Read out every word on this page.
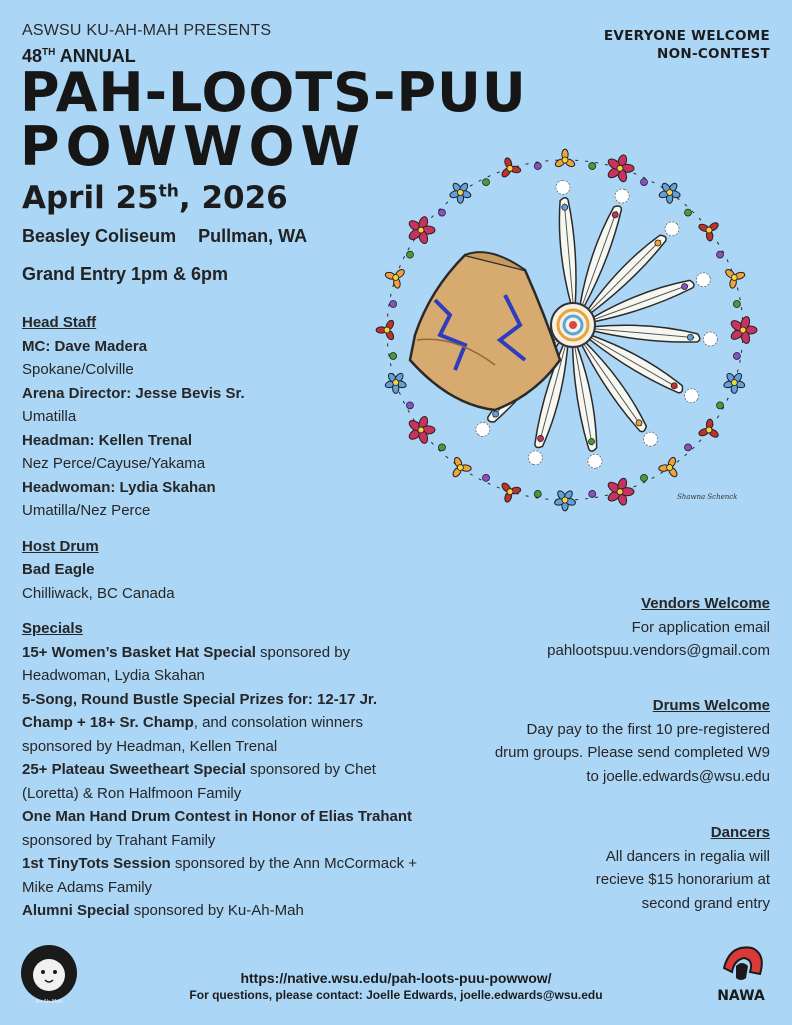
ASWSU KU-AH-MAH PRESENTS
48TH ANNUAL
PAH-LOOTS-PUU
POWWOW
EVERYONE WELCOME
NON-CONTEST
April 25th, 2026
Beasley Coliseum Pullman, WA
Grand Entry 1pm & 6pm
Head Staff
MC: Dave Madera
Spokane/Colville
Arena Director: Jesse Bevis Sr.
Umatilla
Headman: Kellen Trenal
Nez Perce/Cayuse/Yakama
Headwoman: Lydia Skahan
Umatilla/Nez Perce
Host Drum
Bad Eagle
Chilliwack, BC Canada
Specials
15+ Women’s Basket Hat Special sponsored by Headwoman, Lydia Skahan
5-Song, Round Bustle Special Prizes for: 12-17 Jr. Champ + 18+ Sr. Champ, and consolation winners sponsored by Headman, Kellen Trenal
25+ Plateau Sweetheart Special sponsored by Chet (Loretta) & Ron Halfmoon Family
One Man Hand Drum Contest in Honor of Elias Trahant sponsored by Trahant Family
1st TinyTots Session sponsored by the Ann McCormack + Mike Adams Family
Alumni Special sponsored by Ku-Ah-Mah
Vendors Welcome
For application email
pahlootspuu.vendors@gmail.com
Drums Welcome
Day pay to the first 10 pre-registered
drum groups. Please send completed W9
to joelle.edwards@wsu.edu
Dancers
All dancers in regalia will
recieve $15 honorarium at
second grand entry
Shawna Schenck
https://native.wsu.edu/pah-loots-puu-powwow/
For questions, please contact: Joelle Edwards, joelle.edwards@wsu.edu
Ku-Ah-Mah	NAWA
